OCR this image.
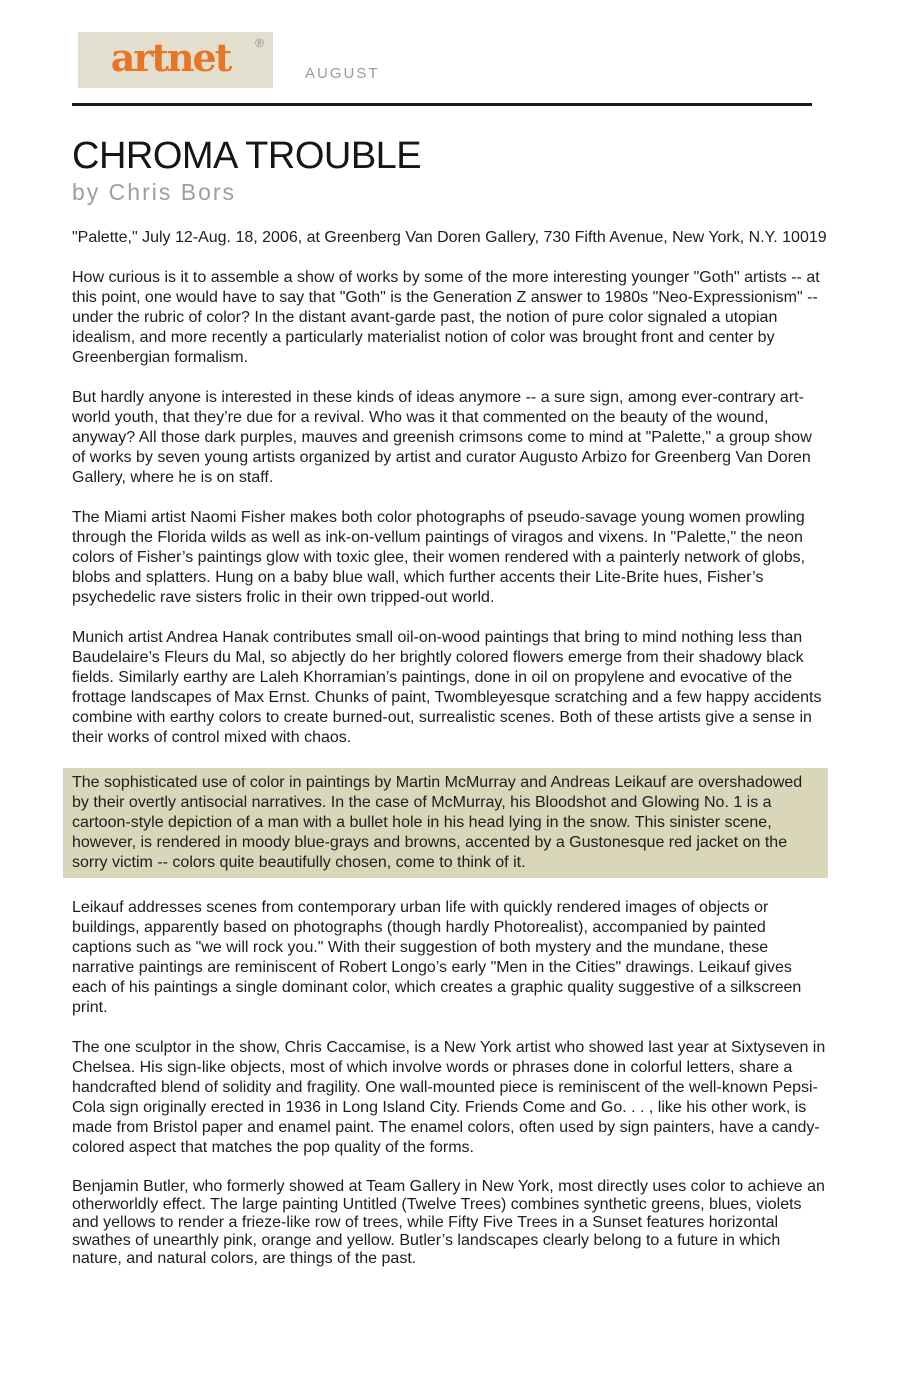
artnet	®
AUGUST
CHROMA TROUBLE

by Chris Bors

"Palette," July 12-Aug. 18, 2006, at Greenberg Van Doren Gallery, 730 Fifth Avenue, New York, N.Y. 10019

How curious is it to assemble a show of works by some of the more interesting younger "Goth" artists -- at this point, one would have to say that "Goth" is the Generation Z answer to 1980s "Neo-Expressionism" -- under the rubric of color? In the distant avant-garde past, the notion of pure color signaled a utopian idealism, and more recently a particularly materialist notion of color was brought front and center by Greenbergian formalism.

But hardly anyone is interested in these kinds of ideas anymore -- a sure sign, among ever-contrary art-world youth, that they’re due for a revival. Who was it that commented on the beauty of the wound, anyway? All those dark purples, mauves and greenish crimsons come to mind at "Palette," a group show of works by seven young artists organized by artist and curator Augusto Arbizo for Greenberg Van Doren Gallery, where he is on staff.

The Miami artist Naomi Fisher makes both color photographs of pseudo-savage young women prowling through the Florida wilds as well as ink-on-vellum paintings of viragos and vixens. In "Palette," the neon colors of Fisher’s paintings glow with toxic glee, their women rendered with a painterly network of globs, blobs and splatters. Hung on a baby blue wall, which further accents their Lite-Brite hues, Fisher’s psychedelic rave sisters frolic in their own tripped-out world.

Munich artist Andrea Hanak contributes small oil-on-wood paintings that bring to mind nothing less than Baudelaire’s Fleurs du Mal, so abjectly do her brightly colored flowers emerge from their shadowy black fields. Similarly earthy are Laleh Khorramian’s paintings, done in oil on propylene and evocative of the frottage landscapes of Max Ernst. Chunks of paint, Twombleyesque scratching and a few happy accidents combine with earthy colors to create burned-out, surrealistic scenes. Both of these artists give a sense in their works of control mixed with chaos.

The sophisticated use of color in paintings by Martin McMurray and Andreas Leikauf are overshadowed by their overtly antisocial narratives. In the case of McMurray, his Bloodshot and Glowing No. 1 is a cartoon-style depiction of a man with a bullet hole in his head lying in the snow. This sinister scene, however, is rendered in moody blue-grays and browns, accented by a Gustonesque red jacket on the sorry victim -- colors quite beautifully chosen, come to think of it.

Leikauf addresses scenes from contemporary urban life with quickly rendered images of objects or buildings, apparently based on photographs (though hardly Photorealist), accompanied by painted captions such as "we will rock you." With their suggestion of both mystery and the mundane, these narrative paintings are reminiscent of Robert Longo’s early "Men in the Cities" drawings. Leikauf gives each of his paintings a single dominant color, which creates a graphic quality suggestive of a silkscreen print.

The one sculptor in the show, Chris Caccamise, is a New York artist who showed last year at Sixtyseven in Chelsea. His sign-like objects, most of which involve words or phrases done in colorful letters, share a handcrafted blend of solidity and fragility. One wall-mounted piece is reminiscent of the well-known Pepsi-Cola sign originally erected in 1936 in Long Island City. Friends Come and Go. . . , like his other work, is made from Bristol paper and enamel paint. The enamel colors, often used by sign painters, have a candy-colored aspect that matches the pop quality of the forms.

Benjamin Butler, who formerly showed at Team Gallery in New York, most directly uses color to achieve an otherworldly effect. The large painting Untitled (Twelve Trees) combines synthetic greens, blues, violets and yellows to render a frieze-like row of trees, while Fifty Five Trees in a Sunset features horizontal swathes of unearthly pink, orange and yellow. Butler’s landscapes clearly belong to a future in which nature, and natural colors, are things of the past.
